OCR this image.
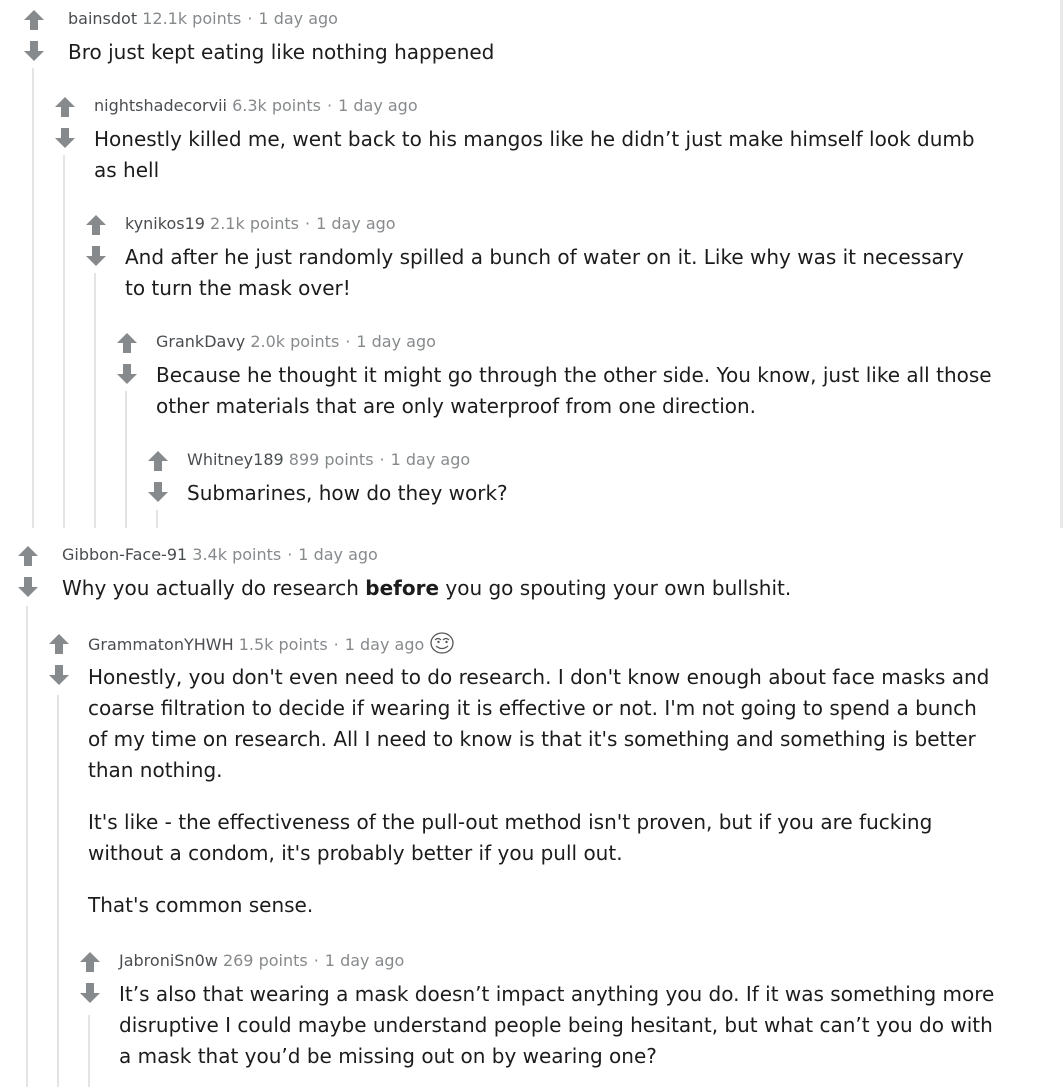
bainsdot 12.1k points · 1 day ago

Bro just kept eating like nothing happened

nightshadecorvii 6.3k points · 1 day ago

Honestly killed me, went back to his mangos like he didn’t just make himself look dumb as hell

kynikos19 2.1k points · 1 day ago

And after he just randomly spilled a bunch of water on it. Like why was it necessary to turn the mask over!

GrankDavy 2.0k points · 1 day ago

Because he thought it might go through the other side. You know, just like all those other materials that are only waterproof from one direction.

Whitney189 899 points · 1 day ago

Submarines, how do they work?

Gibbon-Face-91 3.4k points · 1 day ago

Why you actually do research before you go spouting your own bullshit.

GrammatonYHWH 1.5k points · 1 day ago

Honestly, you don't even need to do research. I don't know enough about face masks and coarse filtration to decide if wearing it is effective or not. I'm not going to spend a bunch of my time on research. All I need to know is that it's something and something is better than nothing.

It's like - the effectiveness of the pull-out method isn't proven, but if you are fucking without a condom, it's probably better if you pull out.

That's common sense.

JabroniSn0w 269 points · 1 day ago

It’s also that wearing a mask doesn’t impact anything you do. If it was something more disruptive I could maybe understand people being hesitant, but what can’t you do with a mask that you’d be missing out on by wearing one?
